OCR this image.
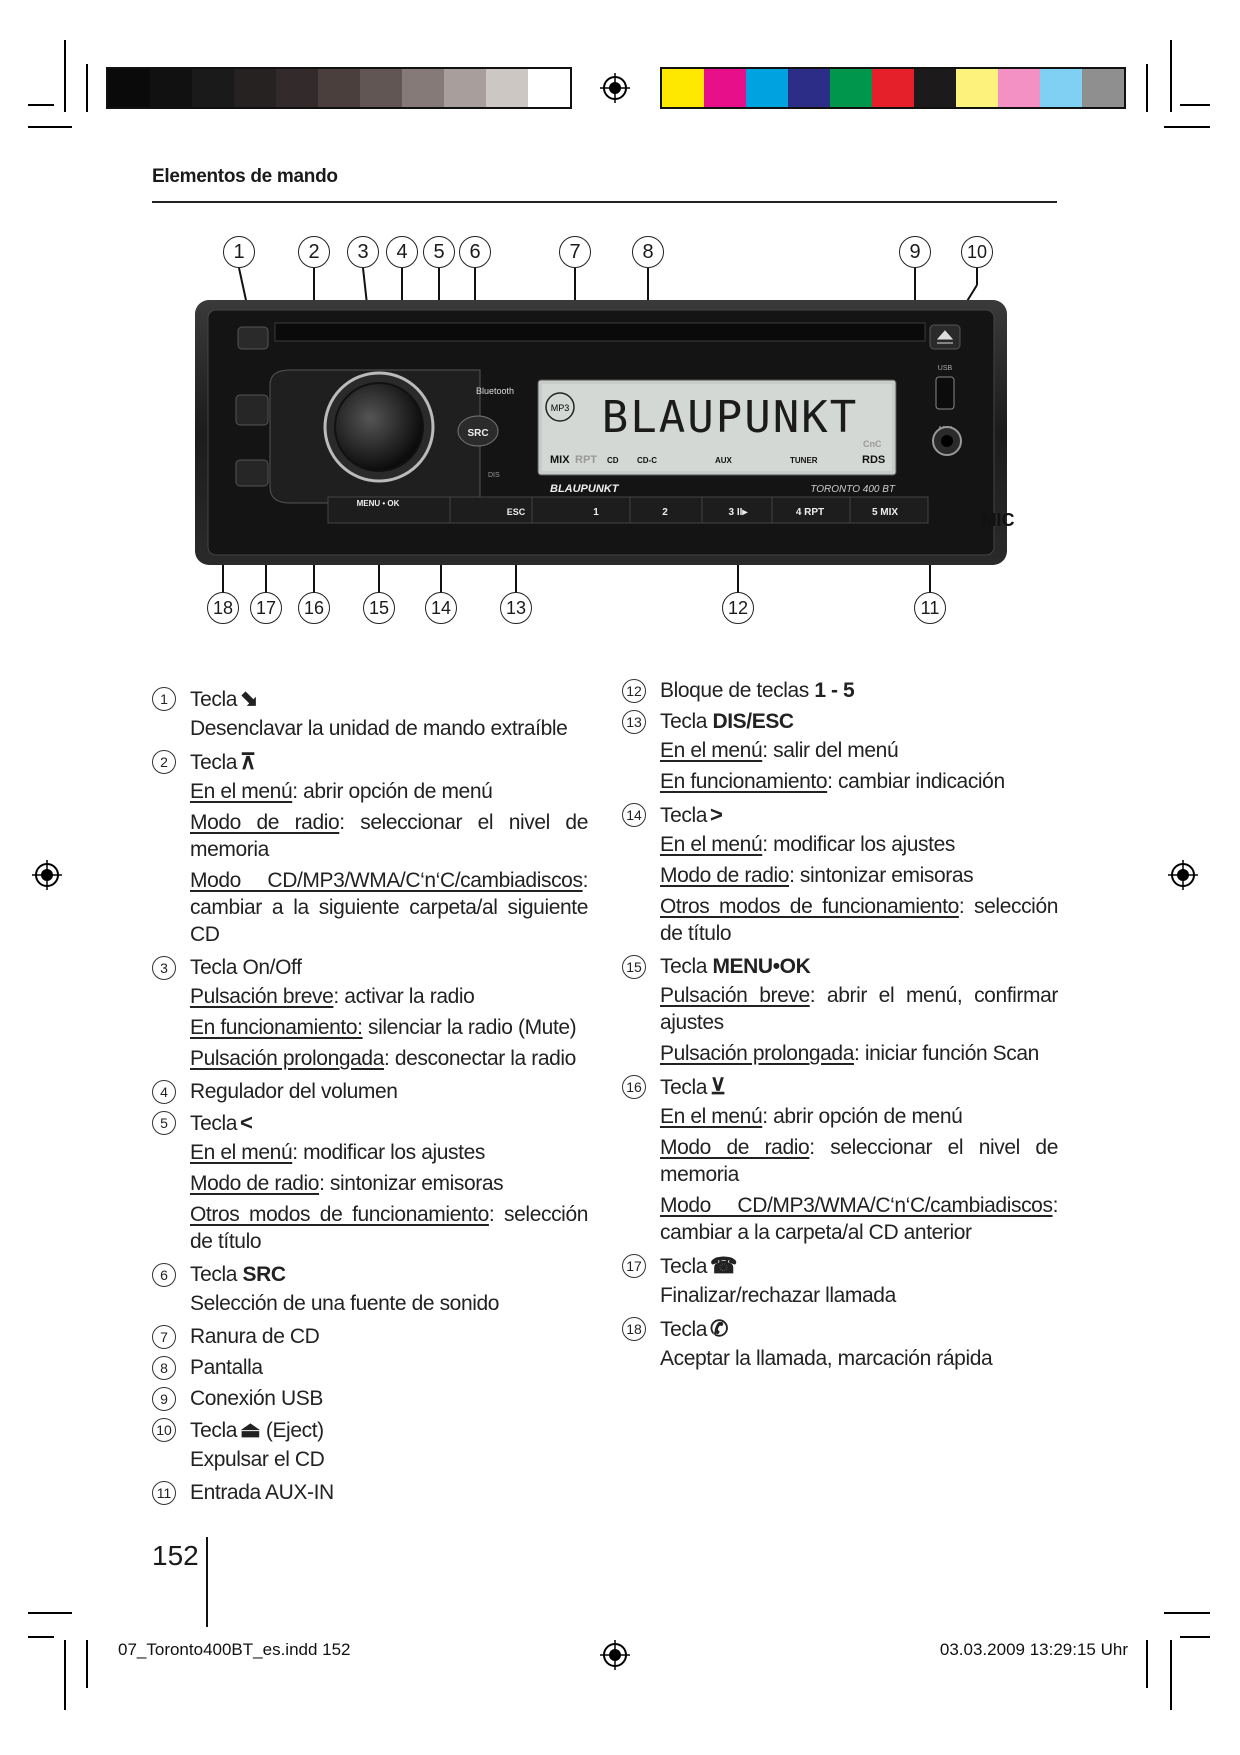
Elementos de mando
SRC
Bluetooth
BLAUPUNKT
MP3
MIX RPT CD CD-C	AUX	TUNER	RDS
CnC
BLAUPUNKT	TORONTO 400 BT
DIS
MENU • OK
ESC	1	2	3 II▸	4 RPT	5 MIX
USB
MIC
1	2	3	4	5	6	7	8	9	10
18	17	16	15	14	13	12	11
1	Tecla ⬊
Desenclavar la unidad de mando extraíble
2	Tecla ⊼
En el menú: abrir opción de menú
Modo de radio: seleccionar el nivel de memoria
Modo CD/MP3/WMA/C‘n‘C/cambiadiscos: cambiar a la siguiente carpeta/al siguiente CD
3	Tecla On/Off
Pulsación breve: activar la radio
En funcionamiento: silenciar la radio (Mute)
Pulsación prolongada: desconectar la radio
4	Regulador del volumen
5	Tecla <
En el menú: modificar los ajustes
Modo de radio: sintonizar emisoras
Otros modos de funcionamiento: selección de título
6	Tecla SRC
Selección de una fuente de sonido
7	Ranura de CD
8	Pantalla
9	Conexión USB
10 Tecla ⏏ (Eject)
Expulsar el CD
11 Entrada AUX-IN
12 Bloque de teclas 1 - 5
13 Tecla DIS/ESC
En el menú: salir del menú
En funcionamiento: cambiar indicación
14 Tecla >
En el menú: modificar los ajustes
Modo de radio: sintonizar emisoras
Otros modos de funcionamiento: selección de título
15 Tecla MENU•OK
Pulsación breve: abrir el menú, confirmar ajustes
Pulsación prolongada: iniciar función Scan
16 Tecla ⊻
En el menú: abrir opción de menú
Modo de radio: seleccionar el nivel de memoria
Modo CD/MP3/WMA/C‘n‘C/cambiadiscos: cambiar a la carpeta/al CD anterior
17 Tecla ☎
Finalizar/rechazar llamada
18 Tecla ✆
Aceptar la llamada, marcación rápida
152
07_Toronto400BT_es.indd 152	03.03.2009 13:29:15 Uhr
